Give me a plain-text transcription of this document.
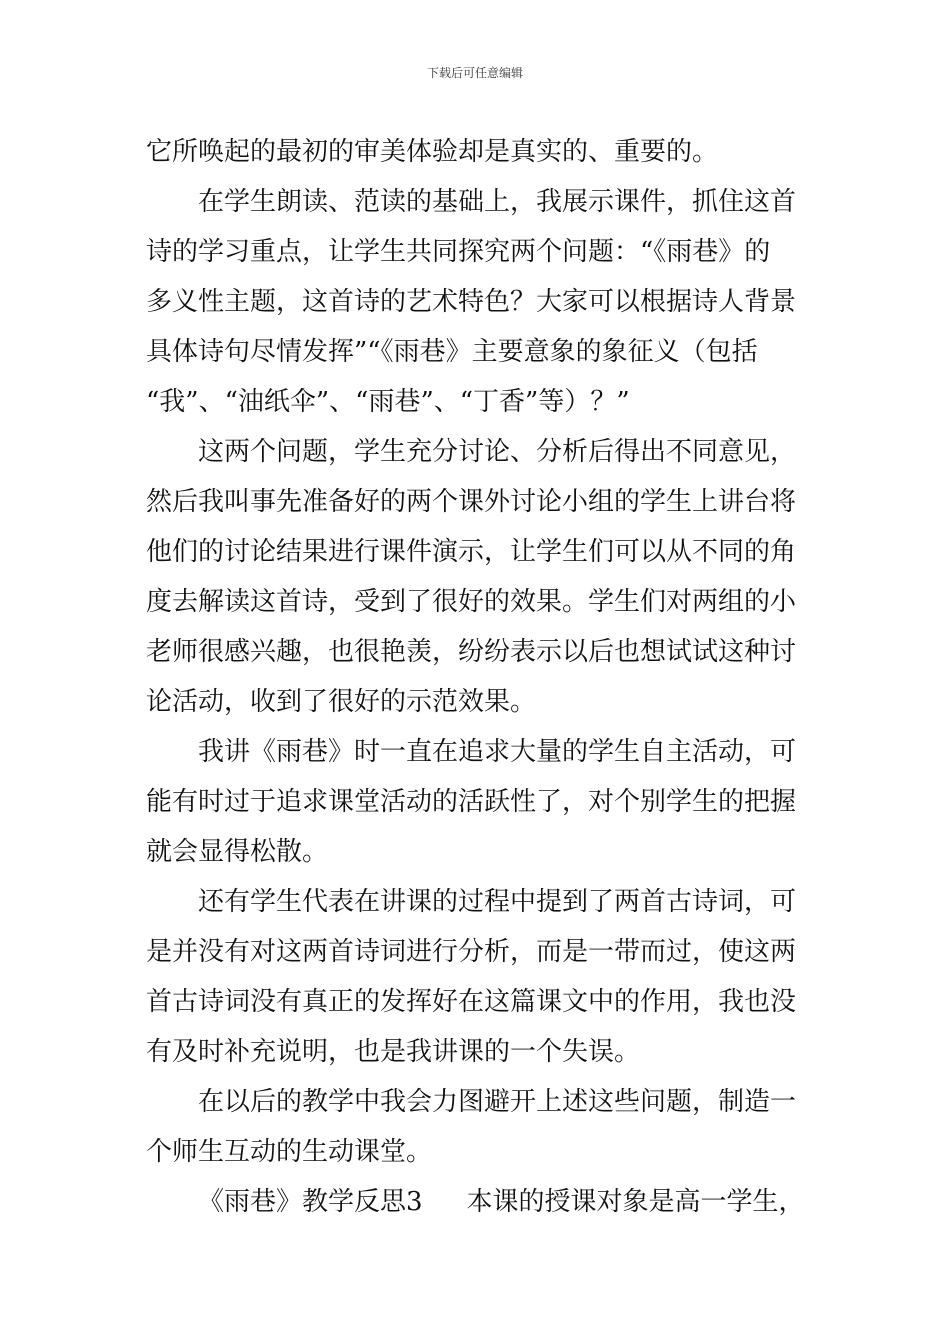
下载后可任意编辑
它所唤起的最初的审美体验却是真实的、重要的。
在学生朗读、范读的基础上，我展示课件，抓住这首
诗的学习重点，让学生共同探究两个问题：“《雨巷》的
多义性主题，这首诗的艺术特色？大家可以根据诗人背景
具体诗句尽情发挥”“《雨巷》主要意象的象征义（包括
“我”、“油纸伞”、“雨巷”、“丁香”等）？”
这两个问题，学生充分讨论、分析后得出不同意见，
然后我叫事先准备好的两个课外讨论小组的学生上讲台将
他们的讨论结果进行课件演示，让学生们可以从不同的角
度去解读这首诗，受到了很好的效果。学生们对两组的小
老师很感兴趣，也很艳羡，纷纷表示以后也想试试这种讨
论活动，收到了很好的示范效果。
我讲《雨巷》时一直在追求大量的学生自主活动，可
能有时过于追求课堂活动的活跃性了，对个别学生的把握
就会显得松散。
还有学生代表在讲课的过程中提到了两首古诗词，可
是并没有对这两首诗词进行分析，而是一带而过，使这两
首古诗词没有真正的发挥好在这篇课文中的作用，我也没
有及时补充说明，也是我讲课的一个失误。
在以后的教学中我会力图避开上述这些问题，制造一
个师生互动的生动课堂。
《雨巷》教学反思3 本课的授课对象是高一学生，
